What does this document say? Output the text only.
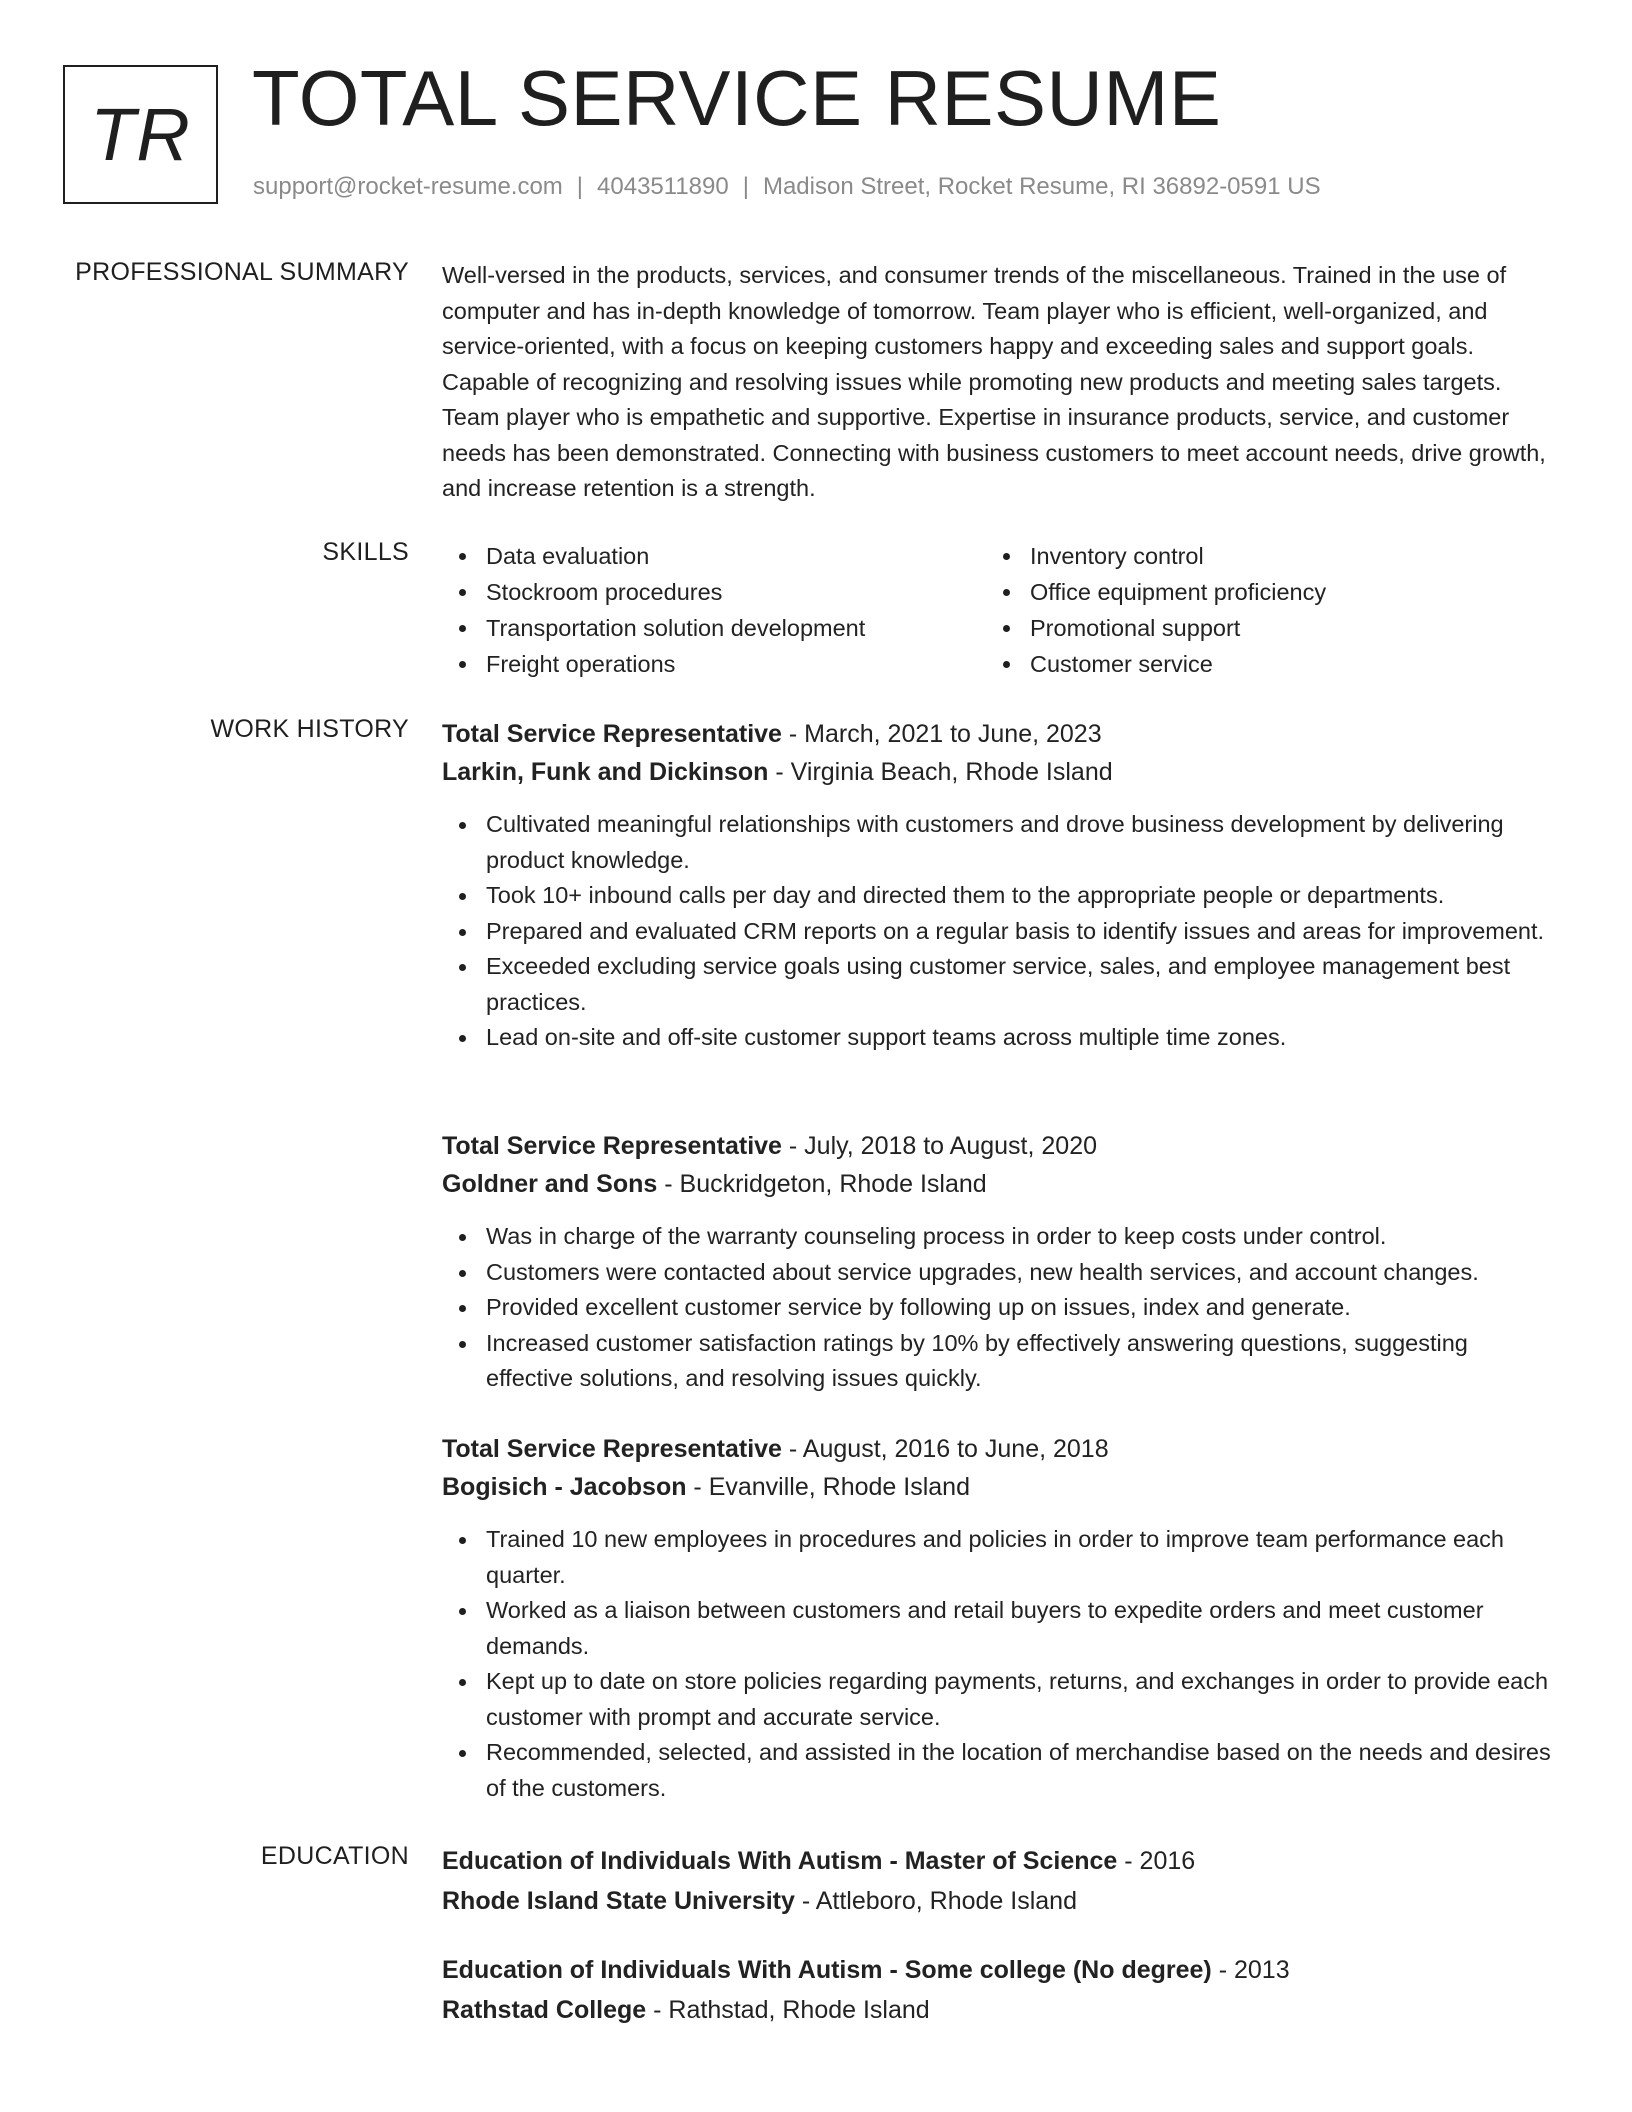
TR TOTAL SERVICE RESUME
support@rocket-resume.com | 4043511890 | Madison Street, Rocket Resume, RI 36892-0591 US
PROFESSIONAL SUMMARY Well-versed in the products, services, and consumer trends of the miscellaneous. Trained in the use of computer and has in-depth knowledge of tomorrow. Team player who is efficient, well-organized, and service-oriented, with a focus on keeping customers happy and exceeding sales and support goals. Capable of recognizing and resolving issues while promoting new products and meeting sales targets. Team player who is empathetic and supportive. Expertise in insurance products, service, and customer needs has been demonstrated. Connecting with business customers to meet account needs, drive growth, and increase retention is a strength.
SKILLS	Data evaluation
Stockroom procedures
Transportation solution development
Freight operations
Inventory control
Office equipment proficiency
Promotional support
Customer service
WORK HISTORY Total Service Representative - March, 2021 to June, 2023
Larkin, Funk and Dickinson - Virginia Beach, Rhode Island
Cultivated meaningful relationships with customers and drove business development by delivering product knowledge.
Took 10+ inbound calls per day and directed them to the appropriate people or departments.
Prepared and evaluated CRM reports on a regular basis to identify issues and areas for improvement.
Exceeded excluding service goals using customer service, sales, and employee management best practices.
Lead on-site and off-site customer support teams across multiple time zones.
Total Service Representative - July, 2018 to August, 2020
Goldner and Sons - Buckridgeton, Rhode Island
Was in charge of the warranty counseling process in order to keep costs under control.
Customers were contacted about service upgrades, new health services, and account changes.
Provided excellent customer service by following up on issues, index and generate.
Increased customer satisfaction ratings by 10% by effectively answering questions, suggesting effective solutions, and resolving issues quickly.
Total Service Representative - August, 2016 to June, 2018
Bogisich - Jacobson - Evanville, Rhode Island
Trained 10 new employees in procedures and policies in order to improve team performance each quarter.
Worked as a liaison between customers and retail buyers to expedite orders and meet customer demands.
Kept up to date on store policies regarding payments, returns, and exchanges in order to provide each customer with prompt and accurate service.
Recommended, selected, and assisted in the location of merchandise based on the needs and desires of the customers.
EDUCATION Education of Individuals With Autism - Master of Science - 2016
Rhode Island State University - Attleboro, Rhode Island
Education of Individuals With Autism - Some college (No degree) - 2013
Rathstad College - Rathstad, Rhode Island
